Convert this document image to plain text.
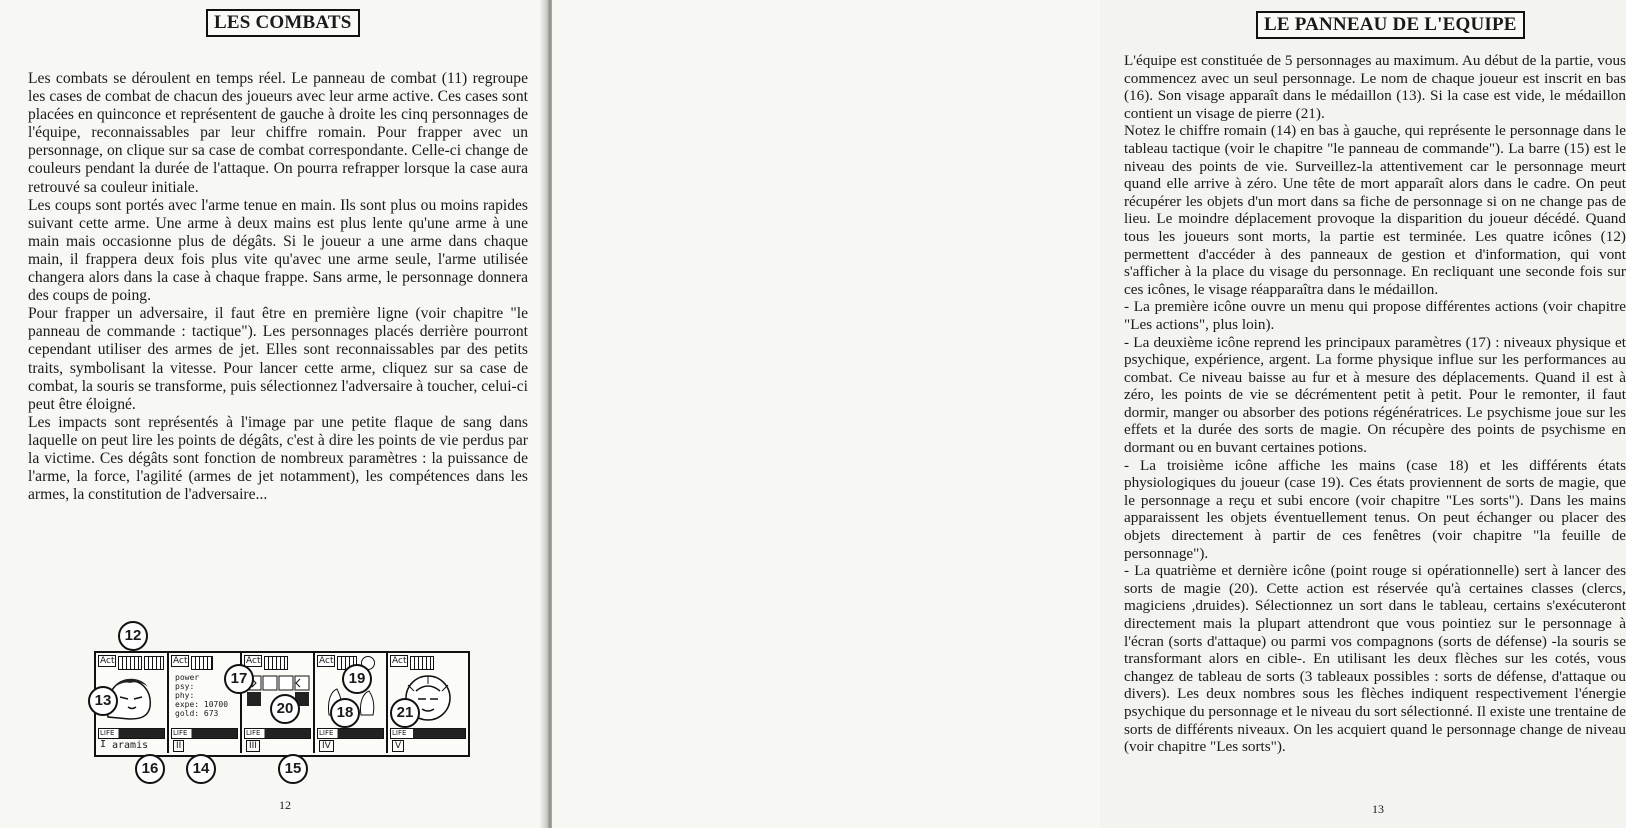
LES COMBATS

Les combats se déroulent en temps réel. Le panneau de combat (11) regroupe les cases de combat de chacun des joueurs avec leur arme active. Ces cases sont placées en quinconce et représentent de gauche à droite les cinq personnages de l'équipe, reconnaissables par leur chiffre romain. Pour frapper avec un personnage, on clique sur sa case de combat correspondante. Celle-ci change de couleurs pendant la durée de l'attaque. On pourra refrapper lorsque la case aura retrouvé sa couleur initiale.

Les coups sont portés avec l'arme tenue en main. Ils sont plus ou moins rapides suivant cette arme. Une arme à deux mains est plus lente qu'une arme à une main mais occasionne plus de dégâts. Si le joueur a une arme dans chaque main, il frappera deux fois plus vite qu'avec une arme seule, l'arme utilisée changera alors dans la case à chaque frappe. Sans arme, le personnage donnera des coups de poing.

Pour frapper un adversaire, il faut être en première ligne (voir chapitre "le panneau de commande : tactique"). Les personnages placés derrière pourront cependant utiliser des armes de jet. Elles sont reconnaissables par des petits traits, symbolisant la vitesse. Pour lancer cette arme, cliquez sur sa case de combat, la souris se transforme, puis sélectionnez l'adversaire à toucher, celui-ci peut être éloigné.

Les impacts sont représentés à l'image par une petite flaque de sang dans laquelle on peut lire les points de dégâts, c'est à dire les points de vie perdus par la victime. Ces dégâts sont fonction de nombreux paramètres : la puissance de l'arme, la force, l'agilité (armes de jet notamment), les compétences dans les armes, la constitution de l'adversaire...

12
Act
LIFE
I aramis
Act
power
psy:
phy:
expe: 10700
gold: 673
LIFE
II
Act
LIFE
III
Act
LIFE
IV
Act
LIFE
V
13
14	15
16
17
18
19
20	21
12
LE PANNEAU DE L'EQUIPE

L'équipe est constituée de 5 personnages au maximum. Au début de la partie, vous commencez avec un seul personnage. Le nom de chaque joueur est inscrit en bas (16). Son visage apparaît dans le médaillon (13). Si la case est vide, le médaillon contient un visage de pierre (21).

Notez le chiffre romain (14) en bas à gauche, qui représente le personnage dans le tableau tactique (voir le chapitre "le panneau de commande"). La barre (15) est le niveau des points de vie. Surveillez-la attentivement car le personnage meurt quand elle arrive à zéro. Une tête de mort apparaît alors dans le cadre. On peut récupérer les objets d'un mort dans sa fiche de personnage si on ne change pas de lieu. Le moindre déplacement provoque la disparition du joueur décédé. Quand tous les joueurs sont morts, la partie est terminée. Les quatre icônes (12) permettent d'accéder à des panneaux de gestion et d'information, qui vont s'afficher à la place du visage du personnage. En recliquant une seconde fois sur ces icônes, le visage réapparaîtra dans le médaillon.

- La première icône ouvre un menu qui propose différentes actions (voir chapitre "Les actions", plus loin).

- La deuxième icône reprend les principaux paramètres (17) : niveaux physique et psychique, expérience, argent. La forme physique influe sur les performances au combat. Ce niveau baisse au fur et à mesure des déplacements. Quand il est à zéro, les points de vie se décrémentent petit à petit. Pour le remonter, il faut dormir, manger ou absorber des potions régénératrices. Le psychisme joue sur les effets et la durée des sorts de magie. On récupère des points de psychisme en dormant ou en buvant certaines potions.

- La troisième icône affiche les mains (case 18) et les différents états physiologiques du joueur (case 19). Ces états proviennent de sorts de magie, que le personnage a reçu et subi encore (voir chapitre "Les sorts"). Dans les mains apparaissent les objets éventuellement tenus. On peut échanger ou placer des objets directement à partir de ces fenêtres (voir chapitre "la feuille de personnage").

- La quatrième et dernière icône (point rouge si opérationnelle) sert à lancer des sorts de magie (20). Cette action est réservée qu'à certaines classes (clercs, magiciens ,druides). Sélectionnez un sort dans le tableau, certains s'exécuteront directement mais la plupart attendront que vous pointiez sur le personnage à l'écran (sorts d'attaque) ou parmi vos compagnons (sorts de défense) -la souris se transformant alors en cible-. En utilisant les deux flèches sur les cotés, vous changez de tableau de sorts (3 tableaux possibles : sorts de défense, d'attaque ou divers). Les deux nombres sous les flèches indiquent respectivement l'énergie psychique du personnage et le niveau du sort sélectionné. Il existe une trentaine de sorts de différents niveaux. On les acquiert quand le personnage change de niveau (voir chapitre "Les sorts").

13
